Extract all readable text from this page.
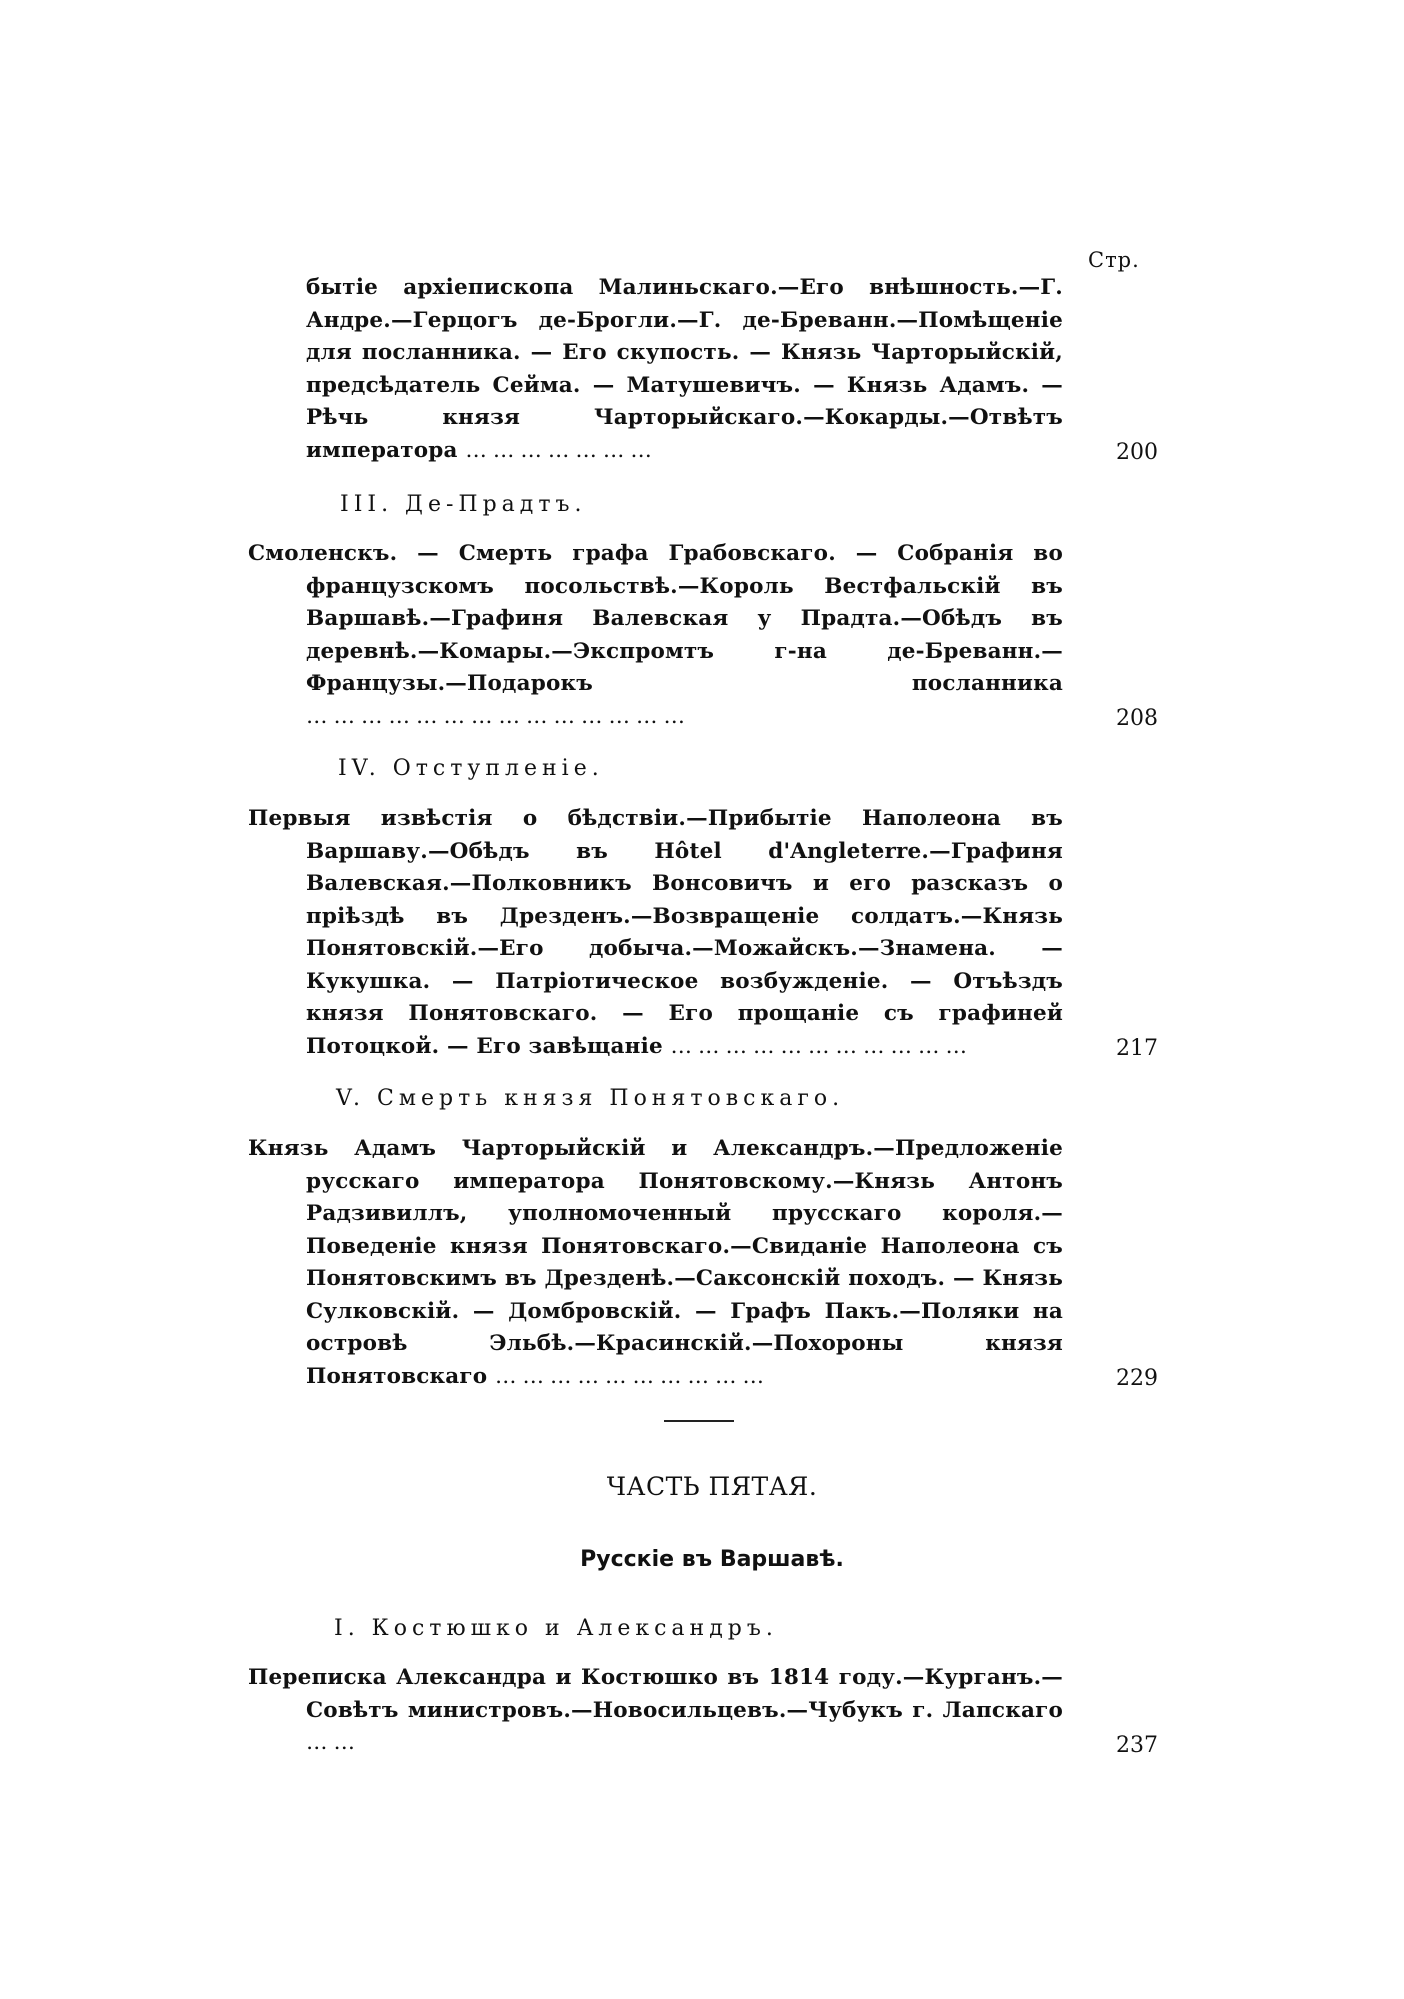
Стр.
бытіе архіепископа Малиньскаго.—Его внѣшность.—Г. Андре.—Герцогъ де-Брогли.—Г. де-Бреванн.—Помѣщеніе для посланника. — Его скупость. — Князь Чарторыйскій, предсѣдатель Сейма. — Матушевичъ. — Князь Адамъ. — Рѣчь князя Чарторыйскаго.—Кокарды.—Отвѣтъ императора …………………	200
III. Де-Прадтъ.
Смоленскъ. — Смерть графа Грабовскаго. — Собранія во французскомъ посольствѣ.—Король Вестфальскій въ Варшавѣ.—Графиня Валевская у Прадта.—Обѣдъ въ деревнѣ.—Комары.—Экспромтъ г-на де-Бреванн.—Французы.—Подарокъ посланника ……………………………………	208
IV. Отступленіе.
Первыя извѣстія о бѣдствіи.—Прибытіе Наполеона въ Варшаву.—Обѣдъ въ Hôtel d'Angleterre.—Графиня Валевская.—Полковникъ Вонсовичъ и его разсказъ о пріѣздѣ въ Дрезденъ.—Возвращеніе солдатъ.—Князь Понятовскій.—Его добыча.—Можайскъ.—Знамена. — Кукушка. — Патріотическое возбужденіе. — Отъѣздъ князя Понятовскаго. — Его прощаніе съ графиней Потоцкой. — Его завѣщаніе ……………………………	217
V. Смерть князя Понятовскаго.
Князь Адамъ Чарторыйскій и Александръ.—Предложеніе русскаго императора Понятовскому.—Князь Антонъ Радзивиллъ, уполномоченный прусскаго короля.—Поведеніе князя Понятовскаго.—Свиданіе Наполеона съ Понятовскимъ въ Дрезденѣ.—Саксонскій походъ. — Князь Сулковскій. — Домбровскій. — Графъ Пакъ.—Поляки на островѣ Эльбѣ.—Красинскій.—Похороны князя Понятовскаго …………………………	229
ЧАСТЬ ПЯТАЯ.
Русскіе въ Варшавѣ.
I. Костюшко и Александръ.
Переписка Александра и Костюшко въ 1814 году.—Курганъ.—Совѣтъ министровъ.—Новосильцевъ.—Чубукъ г. Лапскаго ……	237
